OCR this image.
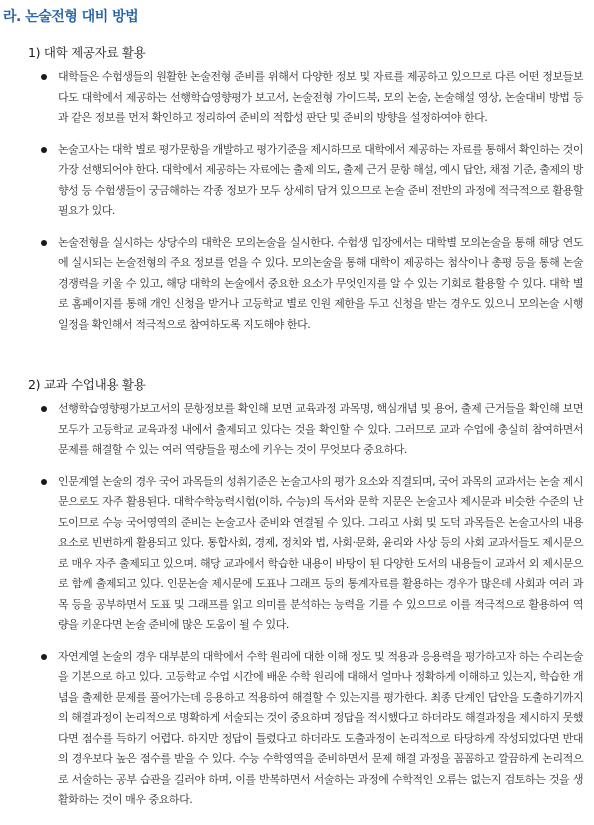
라. 논술전형 대비 방법
1) 대학 제공자료 활용
대학들은 수험생들의 원활한 논술전형 준비를 위해서 다양한 정보 및 자료를 제공하고 있으므로 다른 어떤 정보들보다도 대학에서 제공하는 선행학습영향평가 보고서, 논술전형 가이드북, 모의 논술, 논술해설 영상, 논술대비 방법 등과 같은 정보를 먼저 확인하고 정리하여 준비의 적합성 판단 및 준비의 방향을 설정하여야 한다.
논술고사는 대학 별로 평가문항을 개발하고 평가기준을 제시하므로 대학에서 제공하는 자료를 통해서 확인하는 것이 가장 선행되어야 한다. 대학에서 제공하는 자료에는 출제 의도, 출제 근거 문항 해설, 예시 답안, 채점 기준, 출제의 방향성 등 수험생들이 궁금해하는 각종 정보가 모두 상세히 담겨 있으므로 논술 준비 전반의 과정에 적극적으로 활용할 필요가 있다.
논술전형을 실시하는 상당수의 대학은 모의논술을 실시한다. 수험생 입장에서는 대학별 모의논술을 통해 해당 연도에 실시되는 논술전형의 주요 정보를 얻을 수 있다. 모의논술을 통해 대학이 제공하는 첨삭이나 총평 등을 통해 논술 경쟁력을 키울 수 있고, 해당 대학의 논술에서 중요한 요소가 무엇인지를 알 수 있는 기회로 활용할 수 있다. 대학 별로 홈페이지를 통해 개인 신청을 받거나 고등학교 별로 인원 제한을 두고 신청을 받는 경우도 있으니 모의논술 시행일정을 확인해서 적극적으로 참여하도록 지도해야 한다.
2) 교과 수업내용 활용
선행학습영향평가보고서의 문항정보를 확인해 보면 교육과정 과목명, 핵심개념 및 용어, 출제 근거들을 확인해 보면 모두가 고등학교 교육과정 내에서 출제되고 있다는 것을 확인할 수 있다. 그러므로 교과 수업에 충실히 참여하면서 문제를 해결할 수 있는 여러 역량들을 평소에 키우는 것이 무엇보다 중요하다.
인문계열 논술의 경우 국어 과목들의 성취기준은 논술고사의 평가 요소와 직결되며, 국어 과목의 교과서는 논술 제시문으로도 자주 활용된다. 대학수학능력시험(이하, 수능)의 독서와 문학 지문은 논술고사 제시문과 비슷한 수준의 난도이므로 수능 국어영역의 준비는 논술고사 준비와 연결될 수 있다. 그리고 사회 및 도덕 과목들은 논술고사의 내용 요소로 빈번하게 활용되고 있다. 통합사회, 경제, 정치와 법, 사회·문화, 윤리와 사상 등의 사회 교과서들도 제시문으로 매우 자주 출제되고 있으며. 해당 교과에서 학습한 내용이 바탕이 된 다양한 도서의 내용들이 교과서 외 제시문으로 함께 출제되고 있다. 인문논술 제시문에 도표나 그래프 등의 통계자료를 활용하는 경우가 많은데 사회과 여러 과목 등을 공부하면서 도표 및 그래프를 읽고 의미를 분석하는 능력을 기를 수 있으므로 이를 적극적으로 활용하여 역량을 키운다면 논술 준비에 많은 도움이 될 수 있다.
자연계열 논술의 경우 대부분의 대학에서 수학 원리에 대한 이해 정도 및 적용과 응용력을 평가하고자 하는 수리논술을 기본으로 하고 있다. 고등학교 수업 시간에 배운 수학 원리에 대해서 얼마나 정확하게 이해하고 있는지, 학습한 개념을 출제한 문제를 풀어가는데 응용하고 적용하여 해결할 수 있는지를 평가한다. 최종 단계인 답안을 도출하기까지의 해결과정이 논리적으로 명확하게 서술되는 것이 중요하며 정답을 적시했다고 하더라도 해결과정을 제시하지 못했다면 점수를 득하기 어렵다. 하지만 정답이 틀렸다고 하더라도 도출과정이 논리적으로 타당하게 작성되었다면 반대의 경우보다 높은 점수를 받을 수 있다. 수능 수학영역을 준비하면서 문제 해결 과정을 꼼꼼하고 깔끔하게 논리적으로 서술하는 공부 습관을 길러야 하며, 이를 반복하면서 서술하는 과정에 수학적인 오류는 없는지 검토하는 것을 생활화하는 것이 매우 중요하다.
